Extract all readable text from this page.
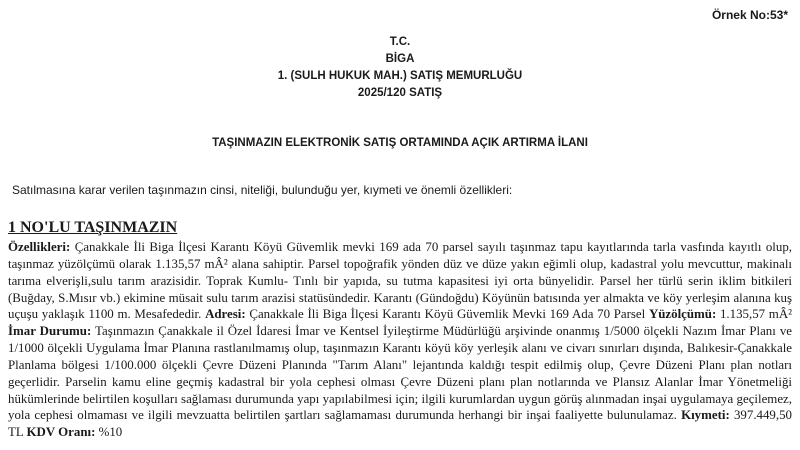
Örnek No:53*
T.C.
BİGA
1. (SULH HUKUK MAH.) SATIŞ MEMURLUĞU
2025/120 SATIŞ
TAŞINMAZIN ELEKTRONİK SATIŞ ORTAMINDA AÇIK ARTIRMA İLANI
Satılmasına karar verilen taşınmazın cinsi, niteliği, bulunduğu yer, kıymeti ve önemli özellikleri:
1 NO'LU TAŞINMAZIN
Özellikleri: Çanakkale İli Biga İlçesi Karantı Köyü Güvemlik mevki 169 ada 70 parsel sayılı taşınmaz tapu kayıtlarında tarla vasfında kayıtlı olup, taşınmaz yüzölçümü olarak 1.135,57 mÂ² alana sahiptir. Parsel topoğrafik yönden düz ve düze yakın eğimli olup, kadastral yolu mevcuttur, makinalı tarıma elverişli,sulu tarım arazisidir. Toprak Kumlu- Tınlı bir yapıda, su tutma kapasitesi iyi orta bünyelidir. Parsel her türlü serin iklim bitkileri (Buğday, S.Mısır vb.) ekimine müsait sulu tarım arazisi statüsündedir. Karantı (Gündoğdu) Köyünün batısında yer almakta ve köy yerleşim alanına kuş uçuşu yaklaşık 1100 m. Mesafededir. Adresi: Çanakkale İli Biga İlçesi Karantı Köyü Güvemlik Mevki 169 Ada 70 Parsel Yüzölçümü: 1.135,57 mÂ² İmar Durumu: Taşınmazın Çanakkale il Özel İdaresi İmar ve Kentsel İyileştirme Müdürlüğü arşivinde onanmış 1/5000 ölçekli Nazım İmar Planı ve 1/1000 ölçekli Uygulama İmar Planına rastlanılmamış olup, taşınmazın Karantı köyü köy yerleşik alanı ve civarı sınırları dışında, Balıkesir-Çanakkale Planlama bölgesi 1/100.000 ölçekli Çevre Düzeni Planında "Tarım Alanı" lejantında kaldığı tespit edilmiş olup, Çevre Düzeni Planı plan notları geçerlidir. Parselin kamu eline geçmiş kadastral bir yola cephesi olması Çevre Düzeni planı plan notlarında ve Plansız Alanlar İmar Yönetmeliği hükümlerinde belirtilen koşulları sağlaması durumunda yapı yapılabilmesi için; ilgili kurumlardan uygun görüş alınmadan inşai uygulamaya geçilemez, yola cephesi olmaması ve ilgili mevzuatta belirtilen şartları sağlamaması durumunda herhangi bir inşai faaliyette bulunulamaz. Kıymeti: 397.449,50 TL KDV Oranı: %10
